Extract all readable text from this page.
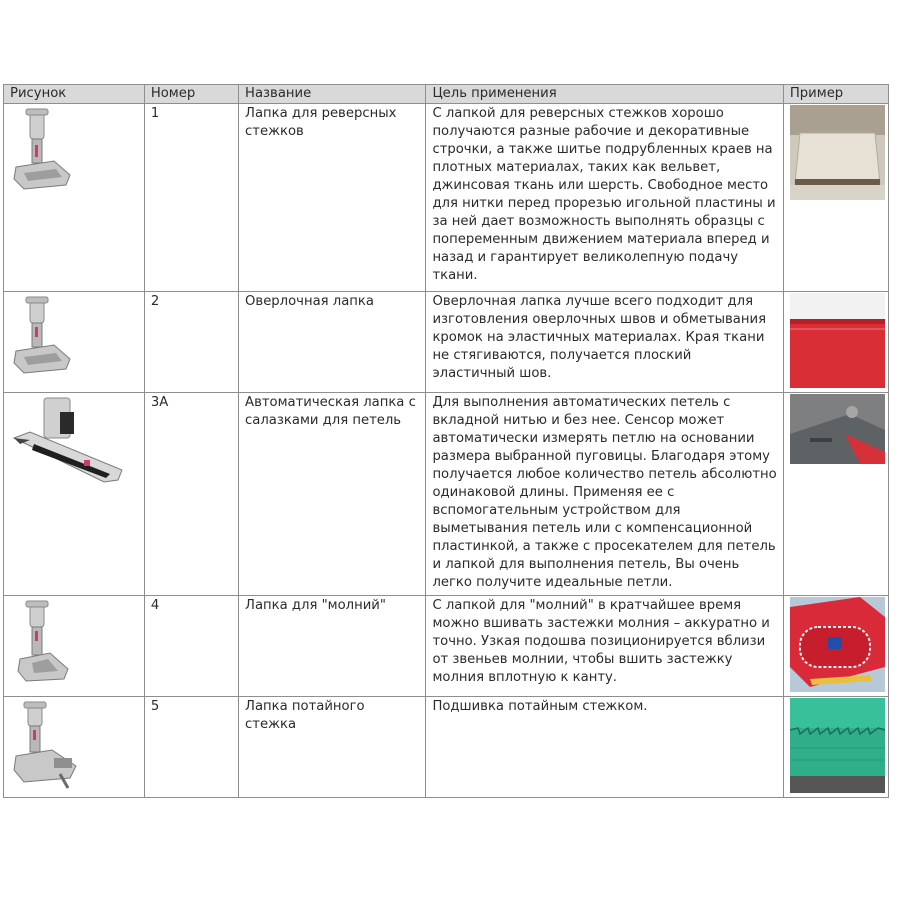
Рисунок	Номер	Название	Цель применения	Пример

	1	Лапка для реверсных стежков	С лапкой для реверсных стежков хорошо получаются разные рабочие и декоративные строчки, а также шитье подрубленных краев на плотных материалах, таких как вельвет, джинсовая ткань или шерсть. Свободное место для нитки перед прорезью игольной пластины и за ней дает возможность выполнять образцы с попеременным движением материала вперед и назад и гарантирует великолепную подачу ткани.	

	2	Оверлочная лапка	Оверлочная лапка лучше всего подходит для изготовления оверлочных швов и обметывания кромок на эластичных материалах. Края ткани не стягиваются, получается плоский эластичный шов.	

	3A	Автоматическая лапка с салазками для петель	Для выполнения автоматических петель с вкладной нитью и без нее. Сенсор может автоматически измерять петлю на основании размера выбранной пуговицы. Благодаря этому получается любое количество петель абсолютно одинаковой длины. Применяя ее с вспомогательным устройством для выметывания петель или с компенсационной пластинкой, а также с просекателем для петель и лапкой для выполнения петель, Вы очень легко получите идеальные петли.	

	4	Лапка для "молний"	С лапкой для "молний" в кратчайшее время можно вшивать застежки молния – аккуратно и точно. Узкая подошва позиционируется вблизи от звеньев молнии, чтобы вшить застежку молния вплотную к канту.	

	5	Лапка потайного стежка	Подшивка потайным стежком.	
